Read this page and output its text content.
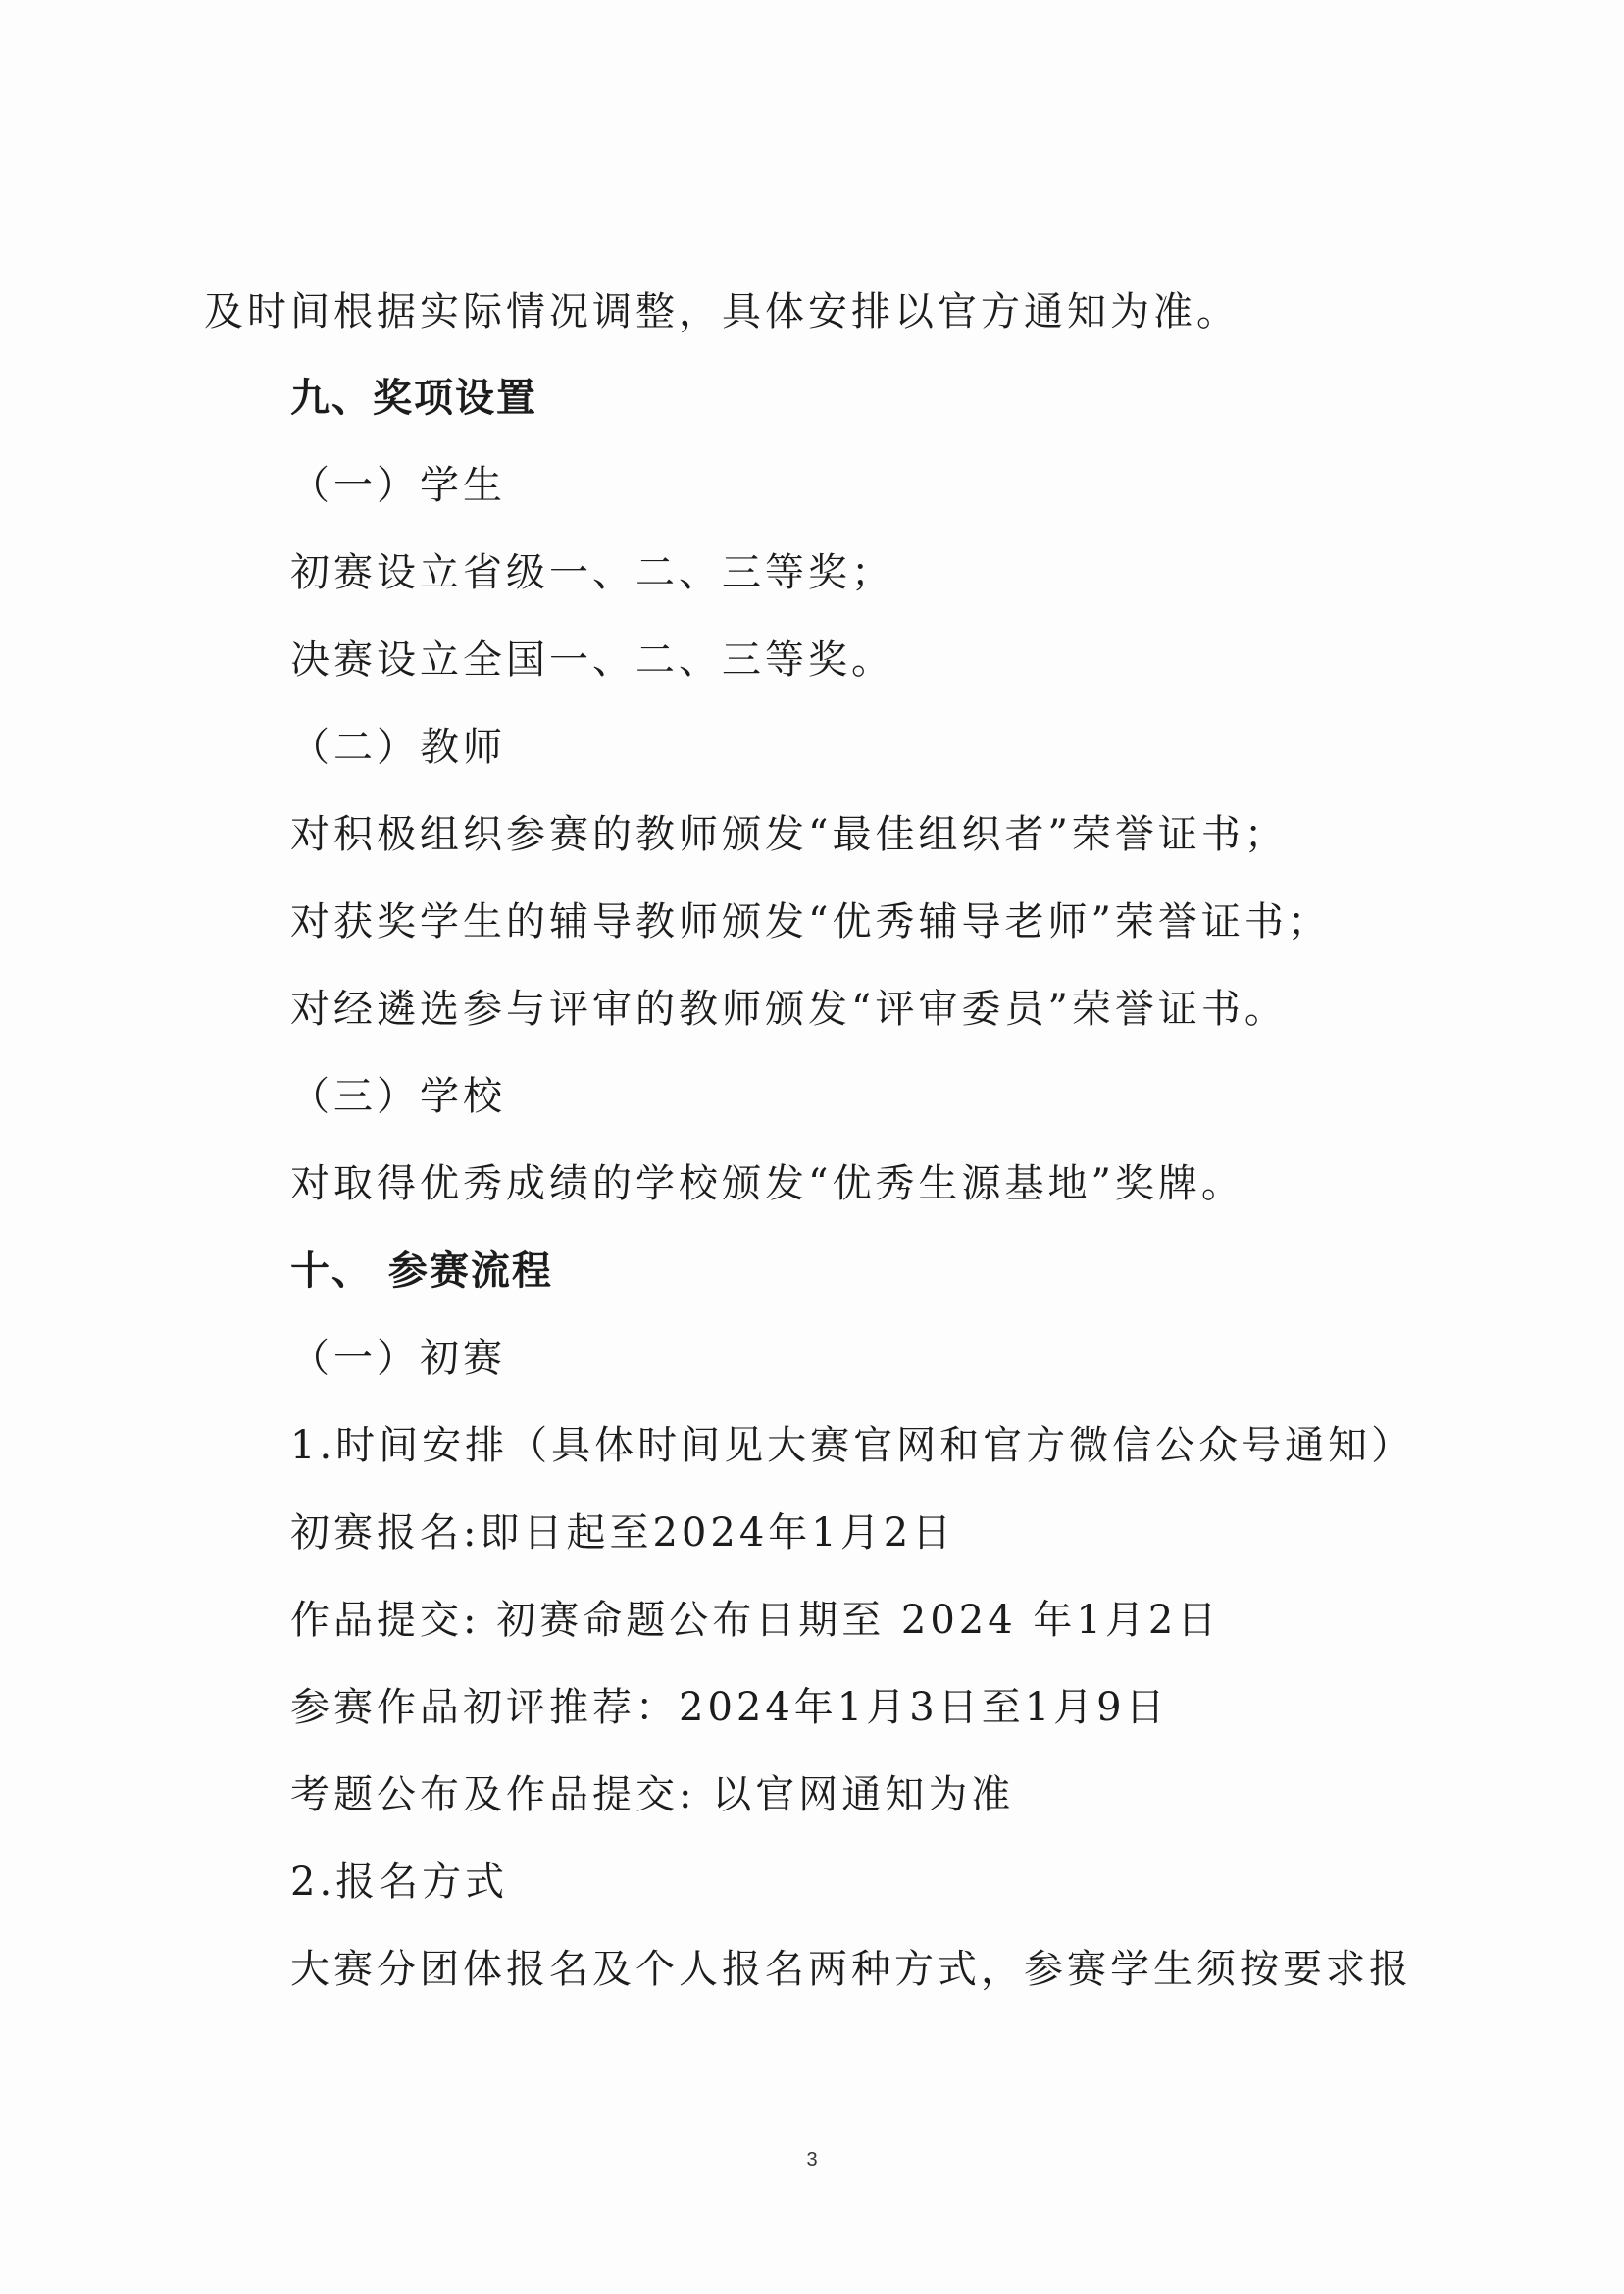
及时间根据实际情况调整，具体安排以官方通知为准。
九、奖项设置
（一）学生
初赛设立省级一、二、三等奖；
决赛设立全国一、二、三等奖。
（二）教师
对积极组织参赛的教师颁发“最佳组织者”荣誉证书；
对获奖学生的辅导教师颁发“优秀辅导老师”荣誉证书；
对经遴选参与评审的教师颁发“评审委员”荣誉证书。
（三）学校
对取得优秀成绩的学校颁发“优秀生源基地”奖牌。
十、 参赛流程
（一）初赛
1.时间安排（具体时间见大赛官网和官方微信公众号通知）
初赛报名:即日起至2024年1月2日
作品提交: 初赛命题公布日期至 2024 年1月2日
参赛作品初评推荐：2024年1月3日至1月9日
考题公布及作品提交: 以官网通知为准
2.报名方式
大赛分团体报名及个人报名两种方式，参赛学生须按要求报
3
